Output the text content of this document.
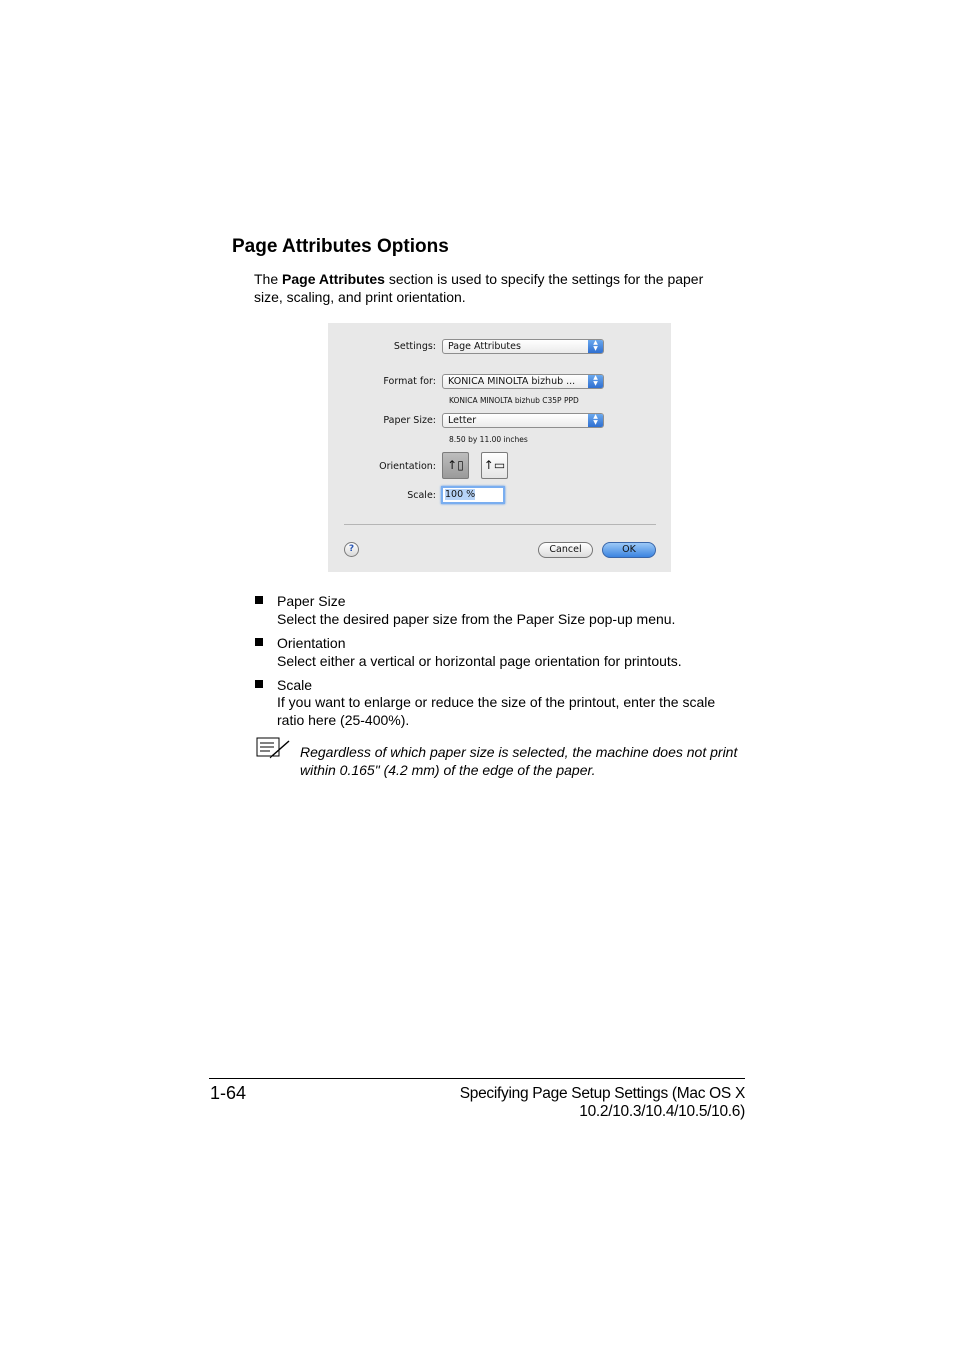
Page Attributes Options
The Page Attributes section is used to specify the settings for the paper size, scaling, and print orientation.
Settings:	Page Attributes	▲
▼
Format for:	KONICA MINOLTA bizhub ...	▲
▼
KONICA MINOLTA bizhub C35P PPD
Paper Size:	Letter	▲
▼
8.50 by 11.00 inches
Orientation: ↑▯	↑▭
Scale: 100 %
?	Cancel	OK
Paper Size
Select the desired paper size from the Paper Size pop-up menu.
Orientation
Select either a vertical or horizontal page orientation for printouts.
Scale
If you want to enlarge or reduce the size of the printout, enter the scale ratio here (25-400%).
Regardless of which paper size is selected, the machine does not print within 0.165" (4.2 mm) of the edge of the paper.
1-64	Specifying Page Setup Settings (Mac OS X 10.2/10.3/10.4/10.5/10.6)
